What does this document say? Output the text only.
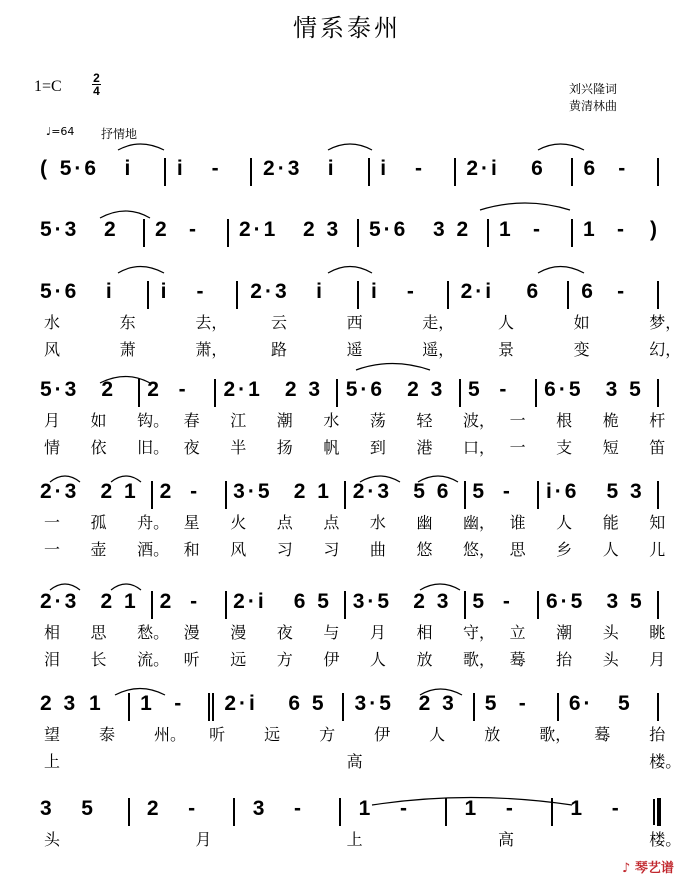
情系泰州
1=C	2
4	刘兴隆词
黄清林曲
♩=64 抒情地
( 5·6 i i - 2·3 i i - 2·i 6 6 -
5·3 2 2 - 2·1 2 3 5·6 3 2 1 - 1 - )
5·6 i i - 2·3 i i - 2·i 6 6 -
水	东	去，	云	西	走，	人	如	梦，
风	萧	萧，	路	遥	遥，	景	变	幻，
5·3 2 2 - 2·1 2 3 5·6 2 3 5 - 6·5 3 5
月 如 钩。 春 江 潮 水 荡 轻 波， 一 根 桅 杆
情 依 旧。 夜 半 扬 帆 到 港 口， 一 支 短 笛
2·3 2 1 2 - 3·5 2 1 2·3 5 6 5 - i·6 5 3
一 孤 舟。 星 火 点 点 水 幽 幽， 谁 人 能 知
一 壶 酒。 和 风 习 习 曲 悠 悠， 思 乡 人 儿
2·3 2 1 2 - 2·i 6 5 3·5 2 3 5 - 6·5 3 5
相 思 愁。 漫 漫 夜 与 月 相 守， 立 潮 头 眺
泪 长 流。 听 远 方 伊 人 放 歌， 蓦 抬 头 月
2 3 1 1 - 2·i 6 5 3·5 2 3 5 - 6· 5
望 泰 州。 听 远 方 伊 人 放 歌， 蓦 抬
上	高	楼。
3 5 2 -	3 -	1 -	1 -	1 -
头	月	上	高	楼。
♪ 琴艺谱
